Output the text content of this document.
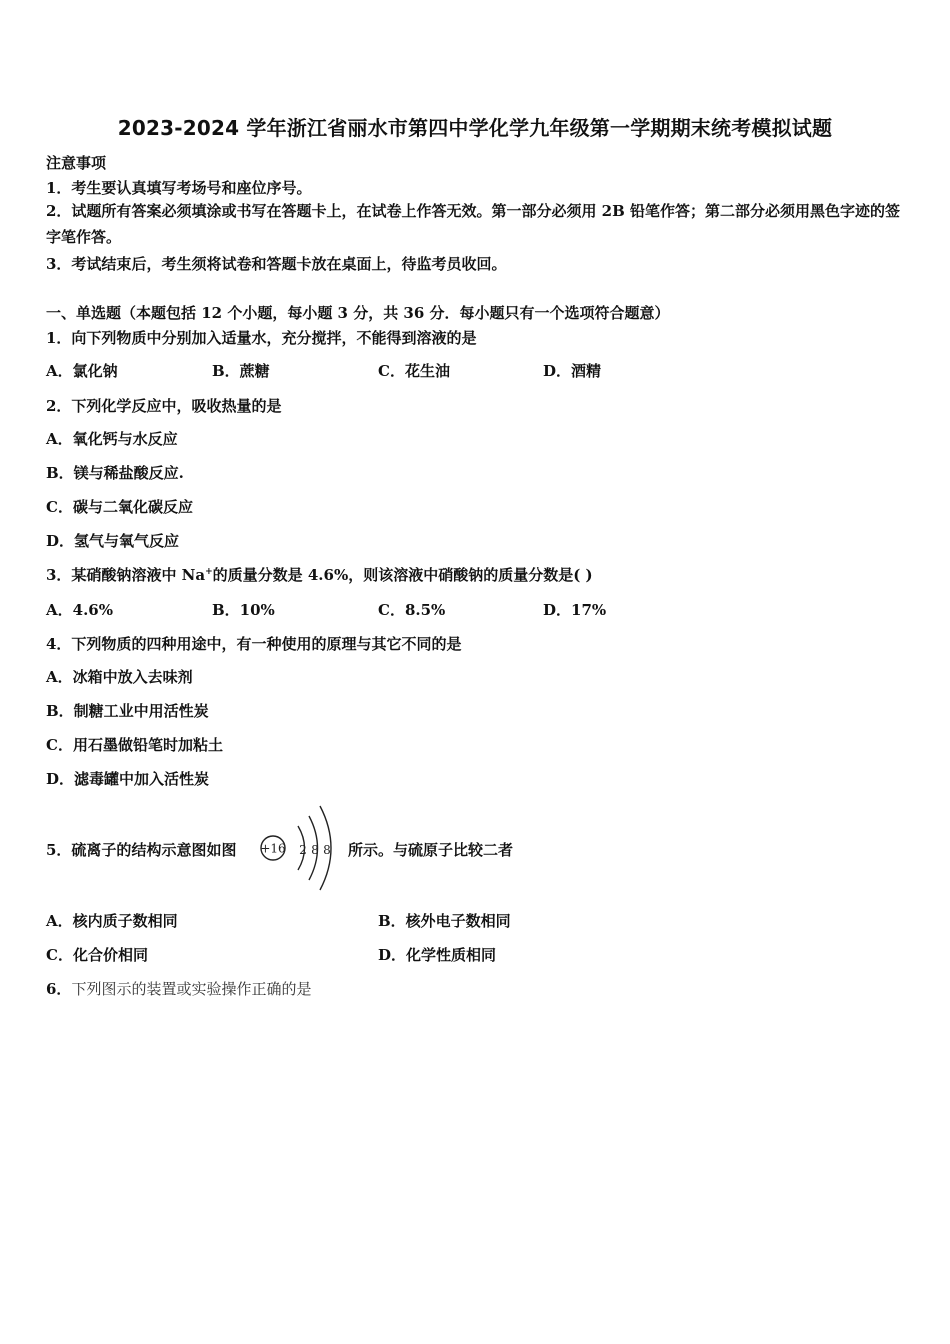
2023-2024 学年浙江省丽水市第四中学化学九年级第一学期期末统考模拟试题
注意事项
1．考生要认真填写考场号和座位序号。
2．试题所有答案必须填涂或书写在答题卡上，在试卷上作答无效。第一部分必须用 2B 铅笔作答；第二部分必须用黑色字迹的签字笔作答。
3．考试结束后，考生须将试卷和答题卡放在桌面上，待监考员收回。
一、单选题（本题包括 12 个小题，每小题 3 分，共 36 分．每小题只有一个选项符合题意）
1．向下列物质中分别加入适量水，充分搅拌，不能得到溶液的是
A．氯化钠	B．蔗糖	C．花生油	D．酒精
2．下列化学反应中，吸收热量的是
A．氧化钙与水反应
B．镁与稀盐酸反应.
C．碳与二氧化碳反应
D．氢气与氧气反应
3．某硝酸钠溶液中 Na+的质量分数是 4.6%，则该溶液中硝酸钠的质量分数是( )
A．4.6%	B．10%	C．8.5%	D．17%
4．下列物质的四种用途中，有一种使用的原理与其它不同的是
A．冰箱中放入去味剂
B．制糖工业中用活性炭
C．用石墨做铅笔时加粘土
D．滤毒罐中加入活性炭
5．硫离子的结构示意图如图 +16 2 8 8 所示。与硫原子比较二者
A．核内质子数相同	B．核外电子数相同
C．化合价相同	D．化学性质相同
6．下列图示的装置或实验操作正确的是
